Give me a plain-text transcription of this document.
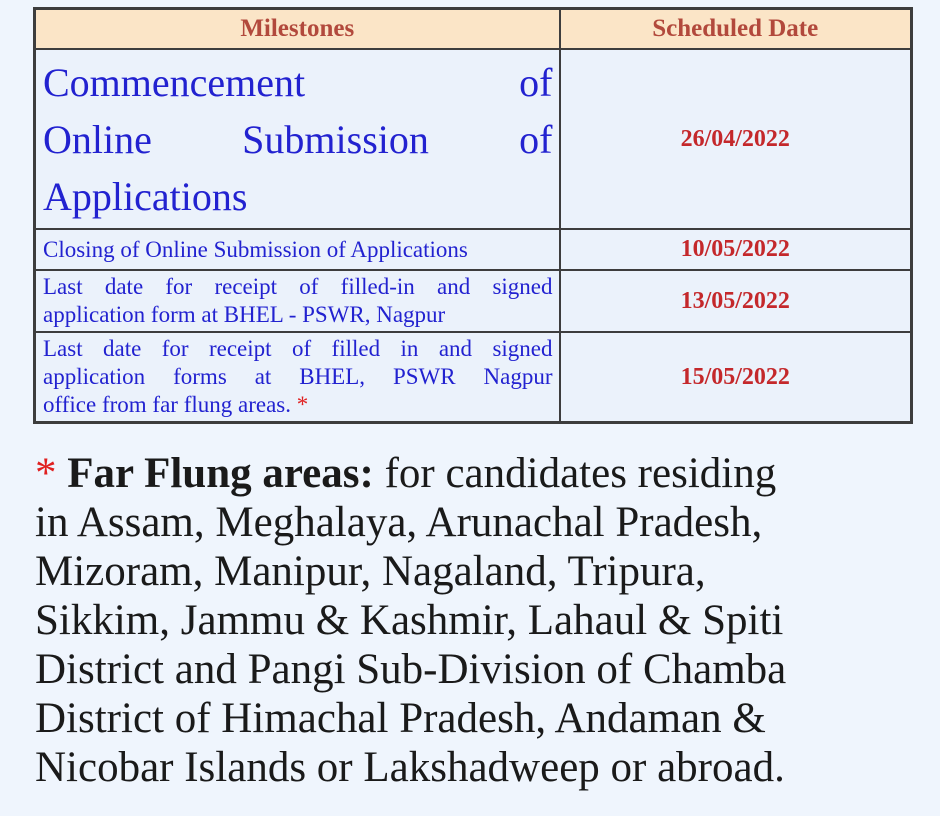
Milestones	Scheduled Date

Commencement of
Online Submission of
Applications	26/04/2022

Closing of Online Submission of Applications	10/05/2022

Last date for receipt of filled-in and signed
application form at BHEL - PSWR, Nagpur	13/05/2022

Last date for receipt of filled in and signed
application forms at BHEL, PSWR Nagpur
office from far flung areas. *	15/05/2022

* Far Flung areas: for candidates residing
in Assam, Meghalaya, Arunachal Pradesh,
Mizoram, Manipur, Nagaland, Tripura,
Sikkim, Jammu & Kashmir, Lahaul & Spiti
District and Pangi Sub-Division of Chamba
District of Himachal Pradesh, Andaman &
Nicobar Islands or Lakshadweep or abroad.
